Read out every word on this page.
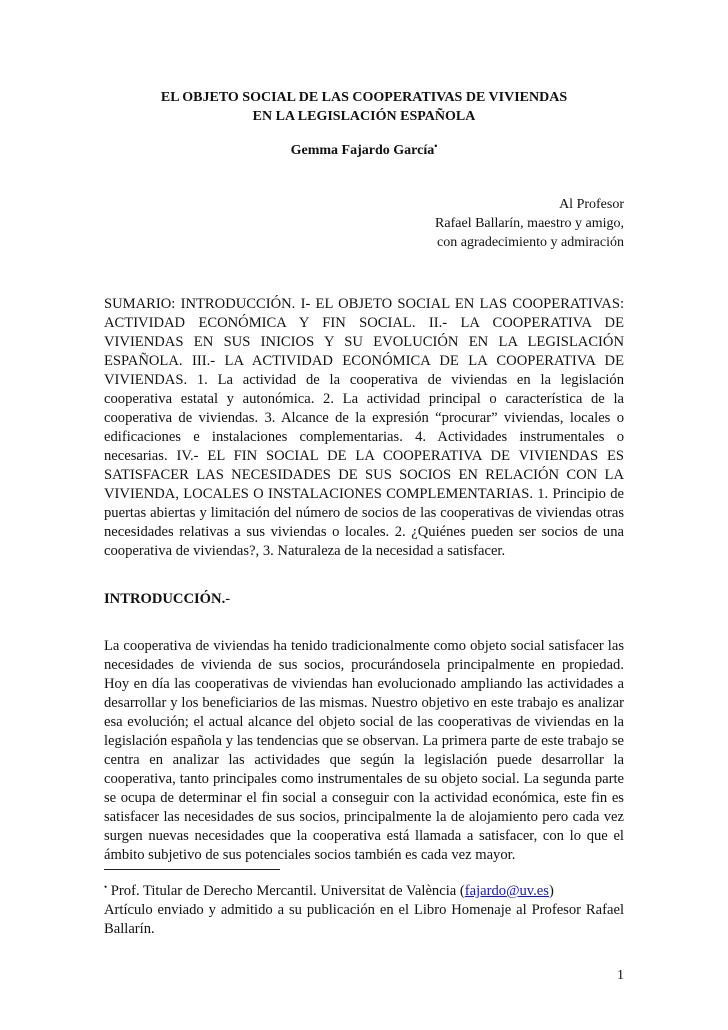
EL OBJETO SOCIAL DE LAS COOPERATIVAS DE VIVIENDAS
EN LA LEGISLACIÓN ESPAÑOLA
Gemma Fajardo García•
Al Profesor
Rafael Ballarín, maestro y amigo,
con agradecimiento y admiración

SUMARIO: INTRODUCCIÓN. I- EL OBJETO SOCIAL EN LAS COOPERATIVAS: ACTIVIDAD ECONÓMICA Y FIN SOCIAL. II.- LA COOPERATIVA DE VIVIENDAS EN SUS INICIOS Y SU EVOLUCIÓN EN LA LEGISLACIÓN ESPAÑOLA. III.- LA ACTIVIDAD ECONÓMICA DE LA COOPERATIVA DE VIVIENDAS. 1. La actividad de la cooperativa de viviendas en la legislación cooperativa estatal y autonómica. 2. La actividad principal o característica de la cooperativa de viviendas. 3. Alcance de la expresión “procurar” viviendas, locales o edificaciones e instalaciones complementarias. 4. Actividades instrumentales o necesarias. IV.- EL FIN SOCIAL DE LA COOPERATIVA DE VIVIENDAS ES SATISFACER LAS NECESIDADES DE SUS SOCIOS EN RELACIÓN CON LA VIVIENDA, LOCALES O INSTALACIONES COMPLEMENTARIAS. 1. Principio de puertas abiertas y limitación del número de socios de las cooperativas de viviendas otras necesidades relativas a sus viviendas o locales. 2. ¿Quiénes pueden ser socios de una cooperativa de viviendas?, 3. Naturaleza de la necesidad a satisfacer.

INTRODUCCIÓN.-

La cooperativa de viviendas ha tenido tradicionalmente como objeto social satisfacer las necesidades de vivienda de sus socios, procurándosela principalmente en propiedad. Hoy en día las cooperativas de viviendas han evolucionado ampliando las actividades a desarrollar y los beneficiarios de las mismas. Nuestro objetivo en este trabajo es analizar esa evolución; el actual alcance del objeto social de las cooperativas de viviendas en la legislación española y las tendencias que se observan. La primera parte de este trabajo se centra en analizar las actividades que según la legislación puede desarrollar la cooperativa, tanto principales como instrumentales de su objeto social. La segunda parte se ocupa de determinar el fin social a conseguir con la actividad económica, este fin es satisfacer las necesidades de sus socios, principalmente la de alojamiento pero cada vez surgen nuevas necesidades que la cooperativa está llamada a satisfacer, con lo que el ámbito subjetivo de sus potenciales socios también es cada vez mayor.

• Prof. Titular de Derecho Mercantil. Universitat de València (fajardo@uv.es)
Artículo enviado y admitido a su publicación en el Libro Homenaje al Profesor Rafael Ballarín.
1
